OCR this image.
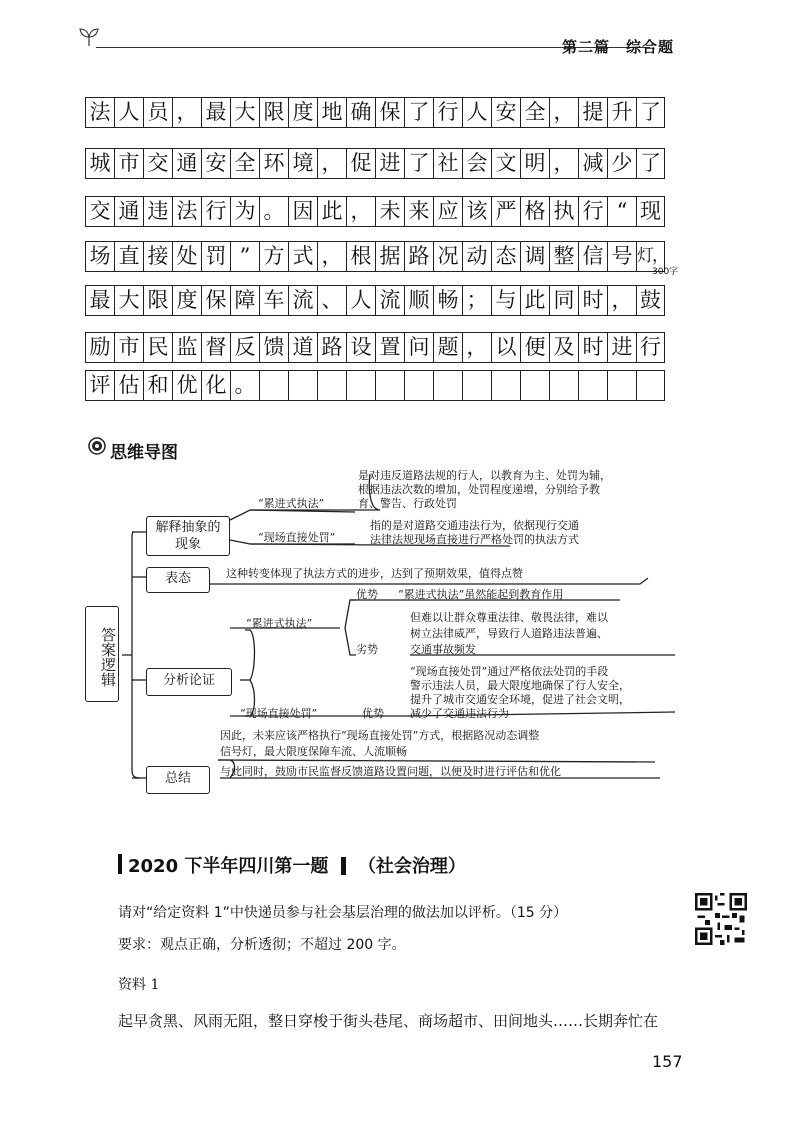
第二篇　综合题
法 人 员 ， 最 大 限 度 地 确 保 了 行 人 安 全 ， 提 升 了
城 市 交 通 安 全 环 境 ， 促 进 了 社 会 文 明 ， 减 少 了
交 通 违 法 行 为 。 因 此 ， 未 来 应 该 严 格 执 行 “ 现
场 直 接 处 罚 ” 方 式 ， 根 据 路 况 动 态 调 整 信 号 灯，
最 大 限 度 保 障 车 流 、 人 流 顺 畅 ； 与 此 同 时 ， 鼓
励 市 民 监 督 反 馈 道 路 设 置 问 题 ， 以 便 及 时 进 行
评 估 和 优 化 。
300字
思维导图
答案逻辑
解释抽象的现象
表态
分析论证
总结
“累进式执法”
是对违反道路法规的行人，以教育为主、处罚为辅，
根据违法次数的增加，处罚程度递增，分别给予教
育、警告、行政处罚
“现场直接处罚”
指的是对道路交通违法行为，依据现行交通
法律法规现场直接进行严格处罚的执法方式
这种转变体现了执法方式的进步，达到了预期效果，值得点赞
“累进式执法”
优势 “累进式执法”虽然能起到教育作用
劣势
但难以让群众尊重法律、敬畏法律，难以
树立法律威严，导致行人道路违法普遍、
交通事故频发
“现场直接处罚”	优势
“现场直接处罚”通过严格依法处罚的手段
警示违法人员，最大限度地确保了行人安全，
提升了城市交通安全环境，促进了社会文明，
减少了交通违法行为
因此，未来应该严格执行“现场直接处罚”方式，根据路况动态调整
信号灯，最大限度保障车流、人流顺畅
与此同时，鼓励市民监督反馈道路设置问题，以便及时进行评估和优化
2020 下半年四川第一题 （社会治理）
请对“给定资料 1”中快递员参与社会基层治理的做法加以评析。（15 分）
要求：观点正确，分析透彻；不超过 200 字。
资料 1
起早贪黑、风雨无阻，整日穿梭于街头巷尾、商场超市、田间地头……长期奔忙在
157
